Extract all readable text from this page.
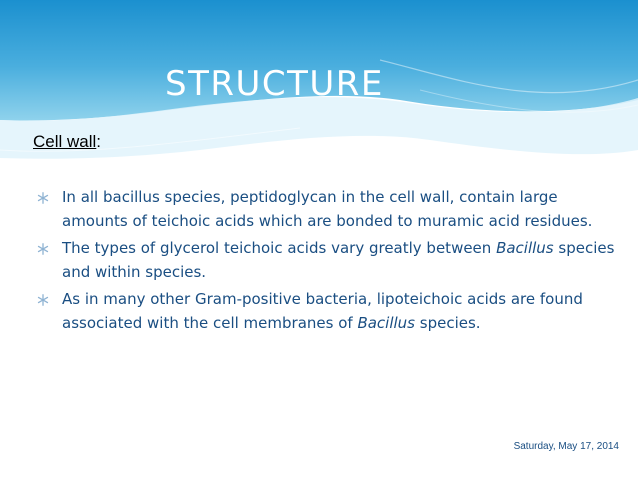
STRUCTURE
Cell wall:
In all bacillus species, peptidoglycan in the cell wall, contain large amounts of teichoic acids which are bonded to muramic acid residues.
The types of glycerol teichoic acids vary greatly between Bacillus species and within species.
As in many other Gram-positive bacteria, lipoteichoic acids are found associated with the cell membranes of Bacillus species.
Saturday, May 17, 2014
